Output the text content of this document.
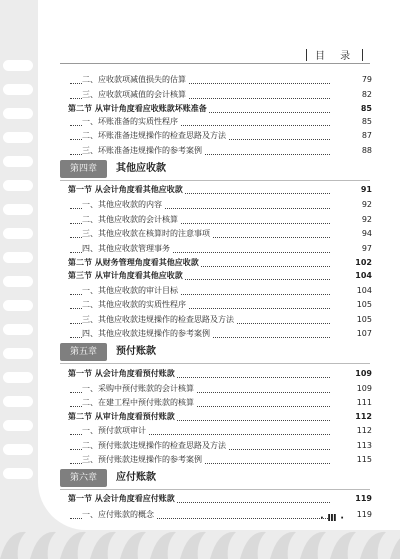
目 录
二、应收款项减值损失的估算	79
三、应收款项减值的会计核算	82
第二节 从审计角度看应收账款坏账准备	85
一、坏账准备的实质性程序	85
二、坏账准备违规操作的检查思路及方法	87
三、坏账准备违规操作的参考案例	88
第四章	其他应收款
第一节 从会计角度看其他应收款	91
一、其他应收款的内容	92
二、其他应收款的会计核算	92
三、其他应收款在核算时的注意事项	94
四、其他应收款管理事务	97
第二节 从财务管理角度看其他应收款	102
第三节 从审计角度看其他应收款	104
一、其他应收款的审计目标	104
二、其他应收款的实质性程序	105
三、其他应收款违规操作的检查思路及方法	105
四、其他应收款违规操作的参考案例	107
第五章	预付账款
第一节 从会计角度看预付账款	109
一、采购中预付账款的会计核算	109
二、在建工程中预付账款的核算	111
第二节 从审计角度看预付账款	112
一、预付款项审计	112
二、预付账款违规操作的检查思路及方法	113
三、预付账款违规操作的参考案例	115
第六章	应付账款
第一节 从会计角度看应付账款	119
一、应付账款的概念	119
· Ⅲ ·
